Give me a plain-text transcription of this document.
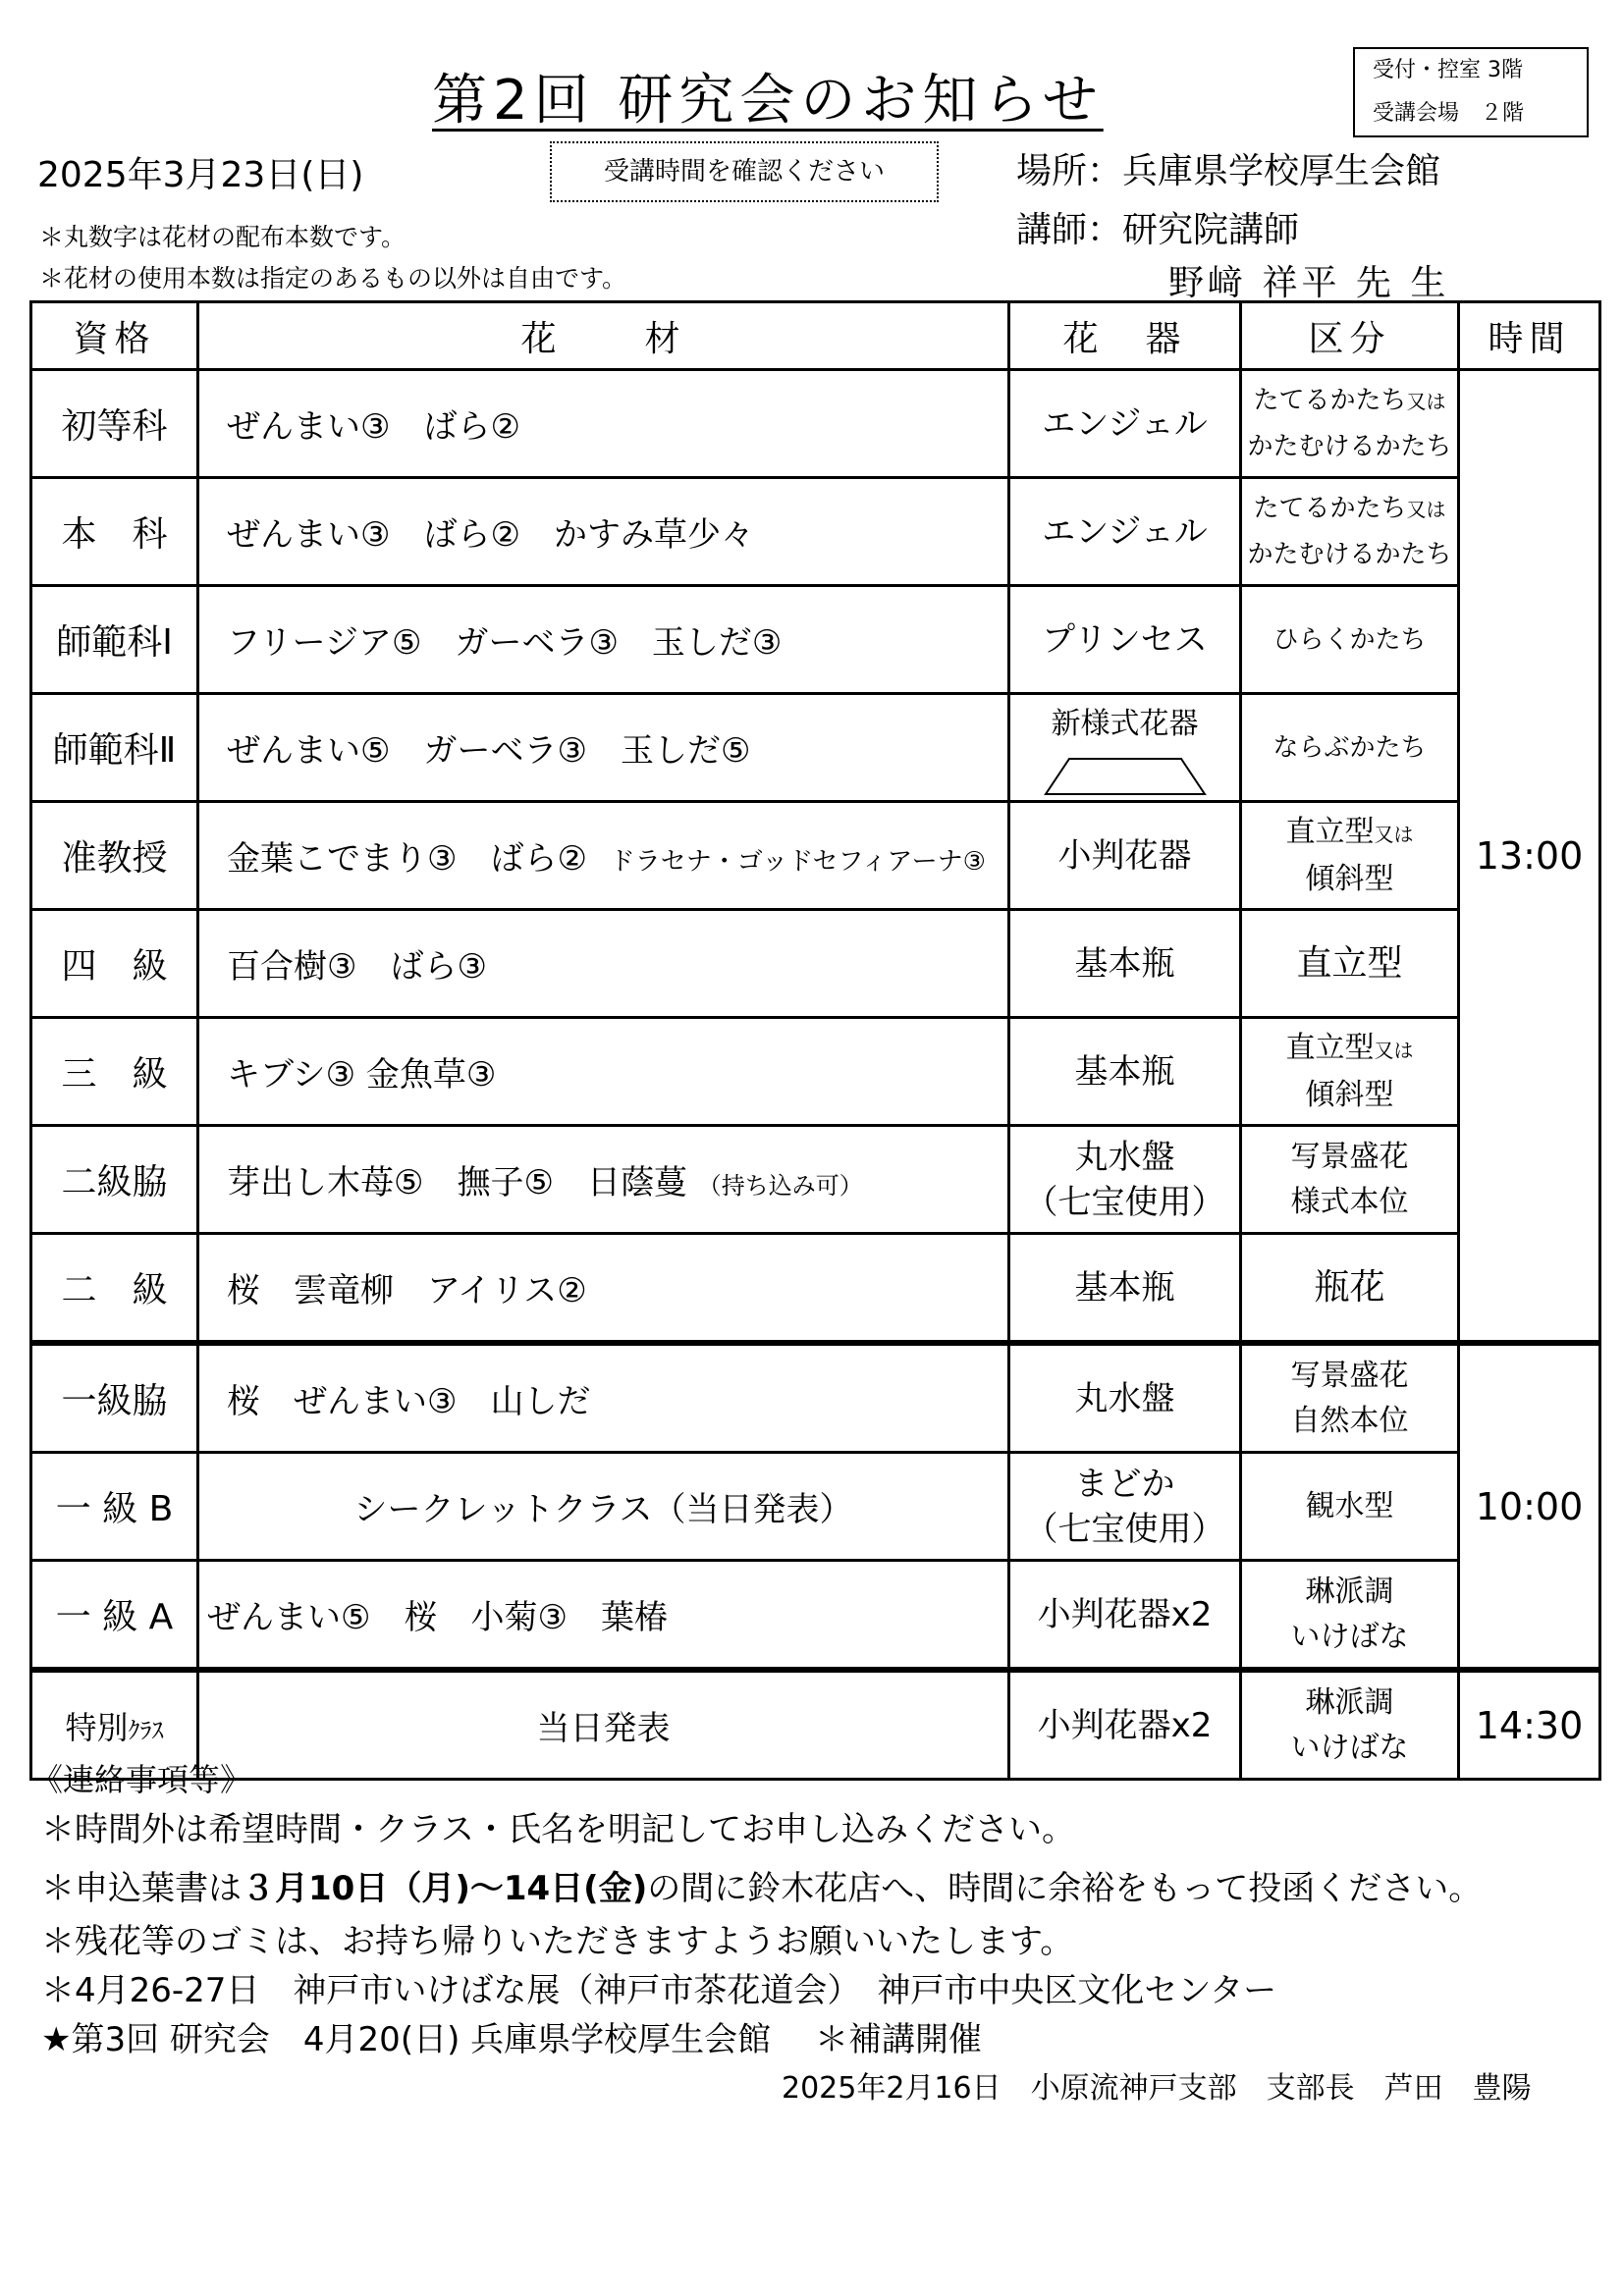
第2回 研究会のお知らせ	受付・控室 3階
受講会場　２階
2025年3月23日(日)	受講時間を確認ください	場所：兵庫県学校厚生会館
講師：研究院講師
野﨑 祥平 先 生
＊丸数字は花材の配布本数です。
＊花材の使用本数は指定のあるもの以外は自由です。
資格	花　　材	花　器	区分	時間
初等科	ぜんまい③　ばら②	エンジェル	たてるかたち又は
かたむけるかたち	13:00
本　科	ぜんまい③　ばら②　かすみ草少々	エンジェル	たてるかたち又は
かたむけるかたち	
師範科Ⅰ	フリージア⑤　ガーベラ③　玉しだ③	プリンセス	ひらくかたち	
師範科Ⅱ	ぜんまい⑤　ガーベラ③　玉しだ⑤	新様式花器	ならぶかたち	
准教授	金葉こでまり③　ばら② ドラセナ・ゴッドセフィアーナ③	小判花器	直立型又は
傾斜型	
四　級	百合樹③　ばら③	基本瓶	直立型	
三　級	キブシ③ 金魚草③	基本瓶	直立型又は
傾斜型	
二級脇	芽出し木苺⑤　撫子⑤　日蔭蔓 （持ち込み可）	丸水盤
（七宝使用）	写景盛花
様式本位	
二　級	桜　雲竜柳　アイリス②	基本瓶	瓶花	
一級脇	桜　ぜんまい③　山しだ	丸水盤	写景盛花
自然本位	10:00
一 級 B	シークレットクラス（当日発表）	まどか
（七宝使用）	観水型	
一 級 A	ぜんまい⑤　桜　小菊③　葉椿	小判花器x2	琳派調
いけばな	
特別ｸﾗｽ	当日発表	小判花器x2	琳派調
いけばな	14:30
《連絡事項等》
＊時間外は希望時間・クラス・氏名を明記してお申し込みください。
＊申込葉書は３月10日（月)～14日(金)の間に鈴木花店へ、時間に余裕をもって投函ください。
＊残花等のゴミは、お持ち帰りいただきますようお願いいたします。
＊4月26-27日　神戸市いけばな展（神戸市茶花道会）　神戸市中央区文化センター
★第3回 研究会　4月20(日) 兵庫県学校厚生会館　 ＊補講開催
2025年2月16日　小原流神戸支部　支部長　芦田　豊陽
